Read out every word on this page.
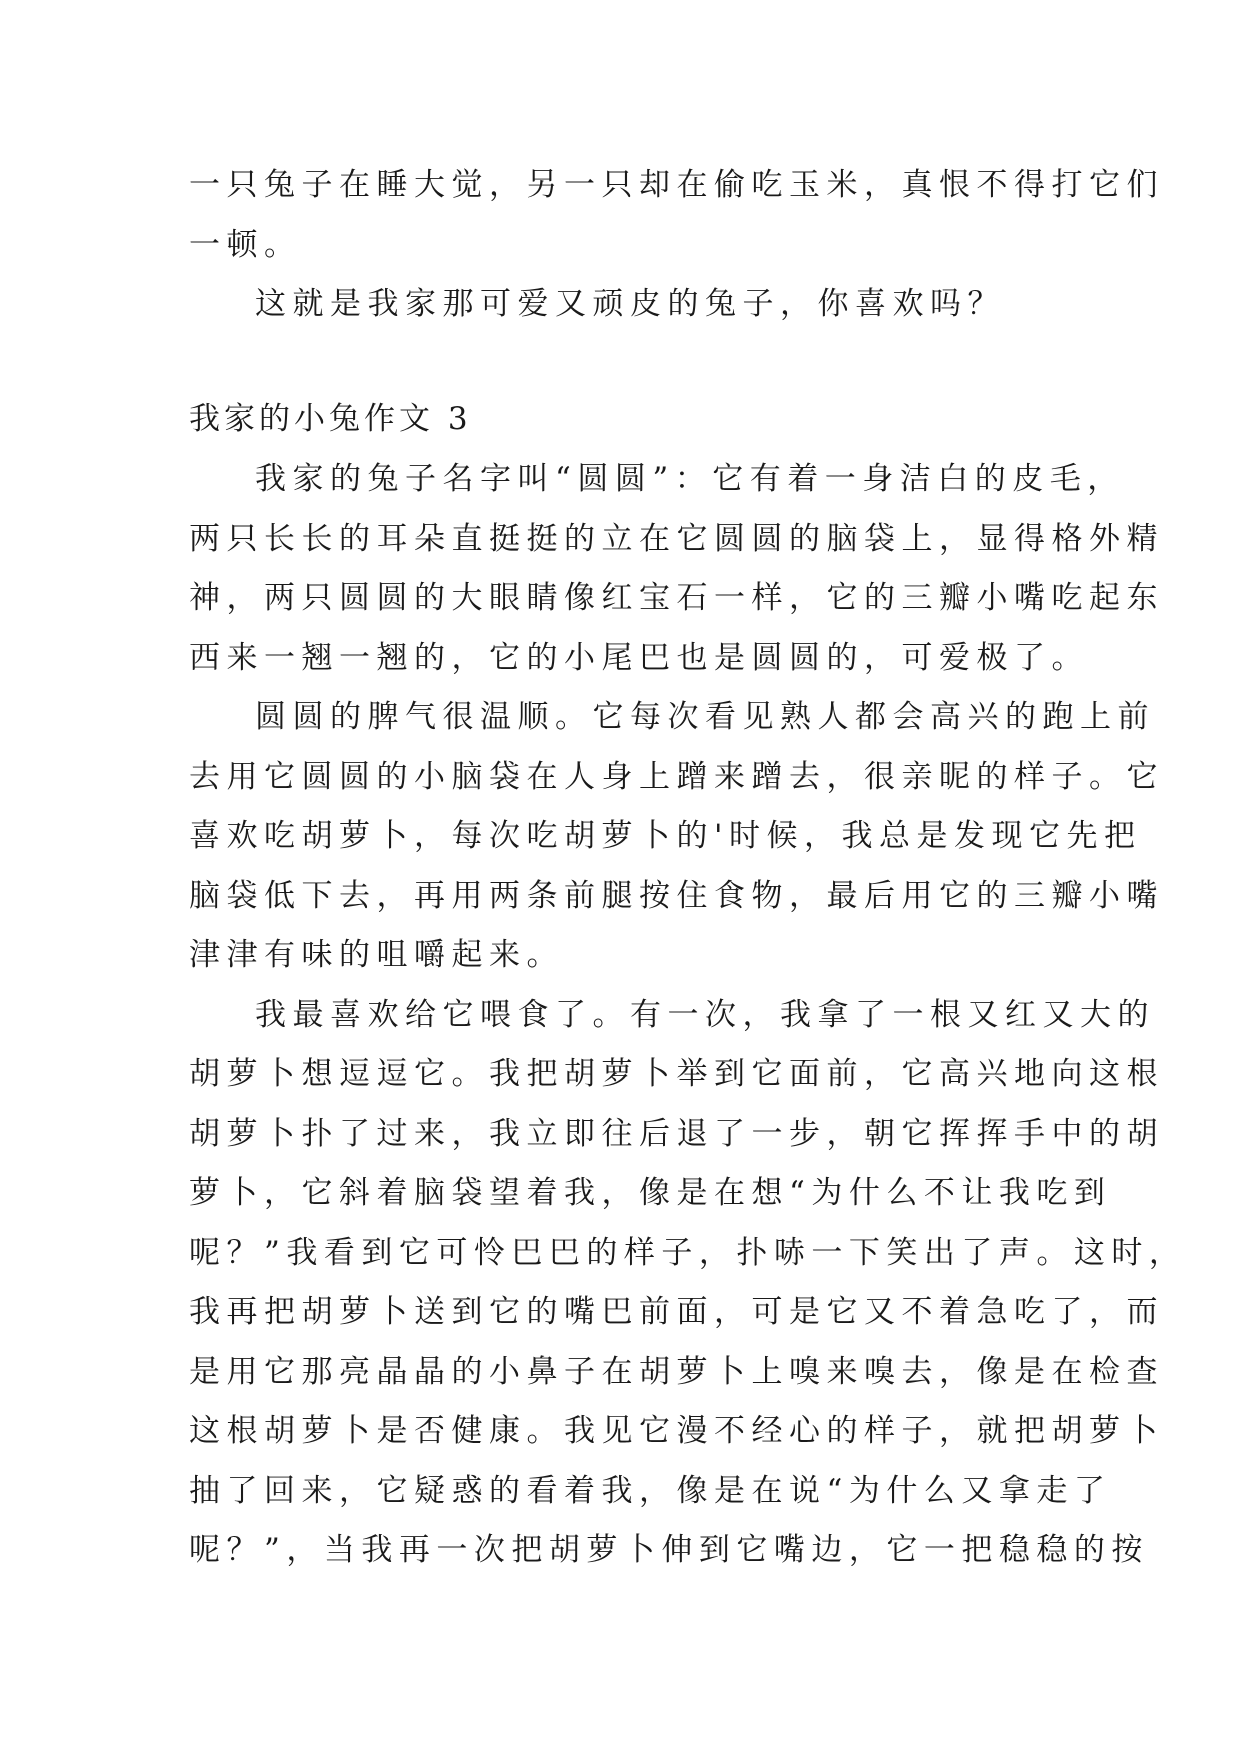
一只兔子在睡大觉，另一只却在偷吃玉米，真恨不得打它们
一顿。
这就是我家那可爱又顽皮的兔子，你喜欢吗？
我家的小兔作文 3
我家的兔子名字叫“圆圆”：它有着一身洁白的皮毛，
两只长长的耳朵直挺挺的立在它圆圆的脑袋上，显得格外精
神，两只圆圆的大眼睛像红宝石一样，它的三瓣小嘴吃起东
西来一翘一翘的，它的小尾巴也是圆圆的，可爱极了。
圆圆的脾气很温顺。它每次看见熟人都会高兴的跑上前
去用它圆圆的小脑袋在人身上蹭来蹭去，很亲昵的样子。它
喜欢吃胡萝卜，每次吃胡萝卜的'时候，我总是发现它先把
脑袋低下去，再用两条前腿按住食物，最后用它的三瓣小嘴
津津有味的咀嚼起来。
我最喜欢给它喂食了。有一次，我拿了一根又红又大的
胡萝卜想逗逗它。我把胡萝卜举到它面前，它高兴地向这根
胡萝卜扑了过来，我立即往后退了一步，朝它挥挥手中的胡
萝卜，它斜着脑袋望着我，像是在想“为什么不让我吃到
呢？”我看到它可怜巴巴的样子，扑哧一下笑出了声。这时，
我再把胡萝卜送到它的嘴巴前面，可是它又不着急吃了，而
是用它那亮晶晶的小鼻子在胡萝卜上嗅来嗅去，像是在检查
这根胡萝卜是否健康。我见它漫不经心的样子，就把胡萝卜
抽了回来，它疑惑的看着我，像是在说“为什么又拿走了
呢？”，当我再一次把胡萝卜伸到它嘴边，它一把稳稳的按
